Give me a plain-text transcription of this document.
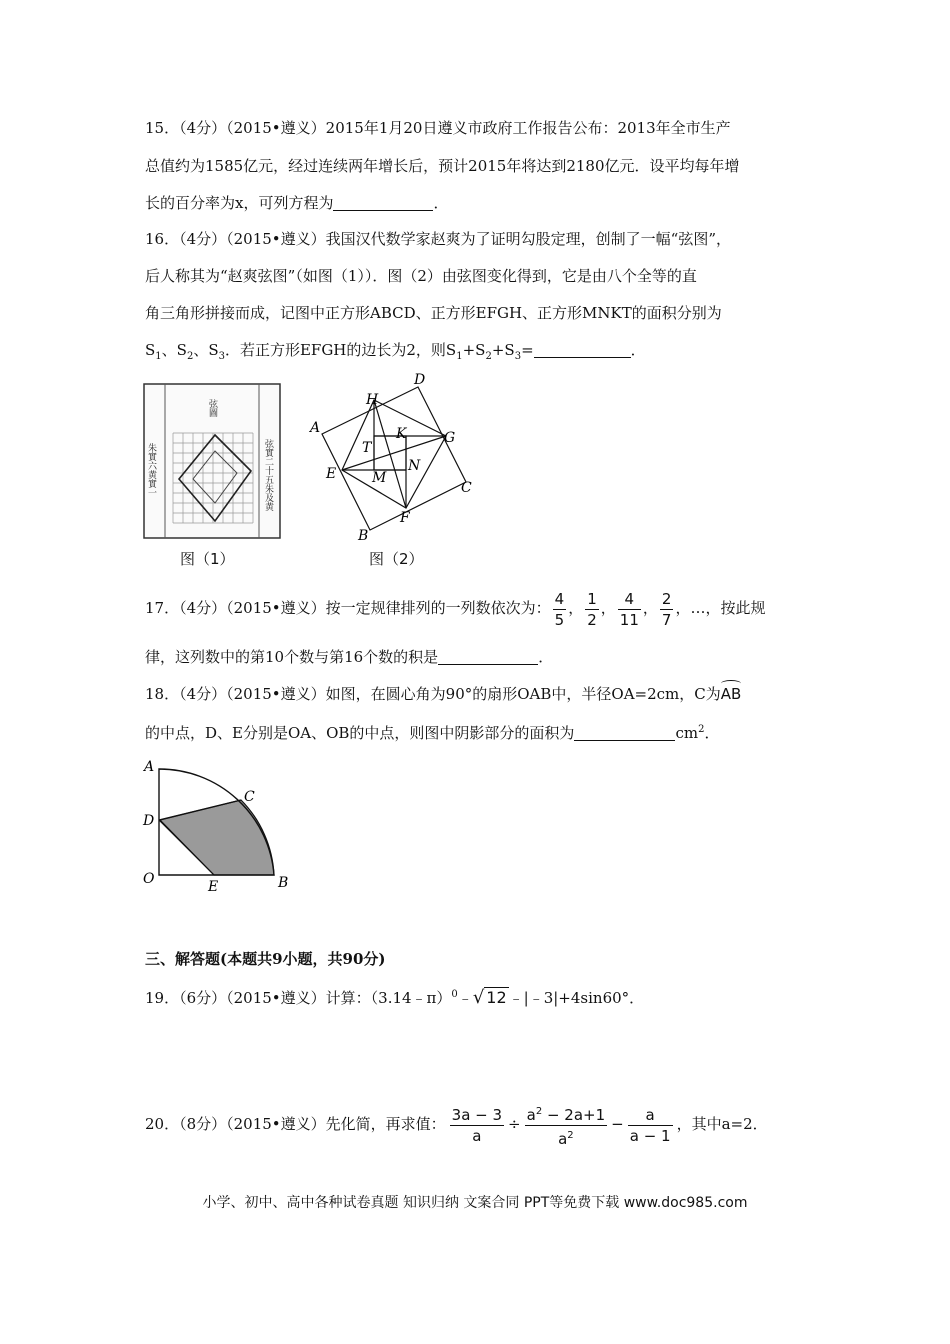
15．（4分）（2015•遵义）2015年1月20日遵义市政府工作报告公布：2013年全市生产
总值约为1585亿元，经过连续两年增长后，预计2015年将达到2180亿元．设平均每年增
长的百分率为x，可列方程为	．
16．（4分）（2015•遵义）我国汉代数学家赵爽为了证明勾股定理，创制了一幅“弦图”，
后人称其为“赵爽弦图”（如图（1））．图（2）由弦图变化得到，它是由八个全等的直
角三角形拼接而成，记图中正方形ABCD、正方形EFGH、正方形MNKT的面积分别为
$S_1$、$S_2$、$S_3$．若正方形EFGH的边长为2，则$S_1+S_2+S_3=$	．
弦圖
朱實六黄實一	弦實二十五朱及黄
图（1）
D
A
H
G
C
E
F
B
T
K
M
N
图（2）
17．（4分）（2015•遵义）按一定规律排列的一列数依次为： $\frac{4}{5}$ ， $\frac{1}{2}$ ， $\frac{4}{11}$ ， $\frac{2}{7}$ ，…，按此规
律，这列数中的第10个数与第16个数的积是	．
18．（4分）（2015•遵义）如图，在圆心角为90°的扇形OAB中，半径OA=2cm，C为AB
的中点，D、E分别是OA、OB的中点，则图中阴影部分的面积为	$cm^2$．
A
C
D
O	E	B
三、解答题(本题共9小题，共90分)
19．（6分）（2015•遵义）计算：（3.14﹣π）$^0$﹣√ 12 ﹣|﹣3|+4sin60°．
20．（8分）（2015•遵义）先化简，再求值： $\frac{3a - 3}{a} \div \frac{a^2 - 2a+1}{a^2} - \frac{a}{a - 1}$ ，其中a=2．
小学、初中、高中各种试卷真题 知识归纳 文案合同 PPT等免费下载 www.doc985.com
